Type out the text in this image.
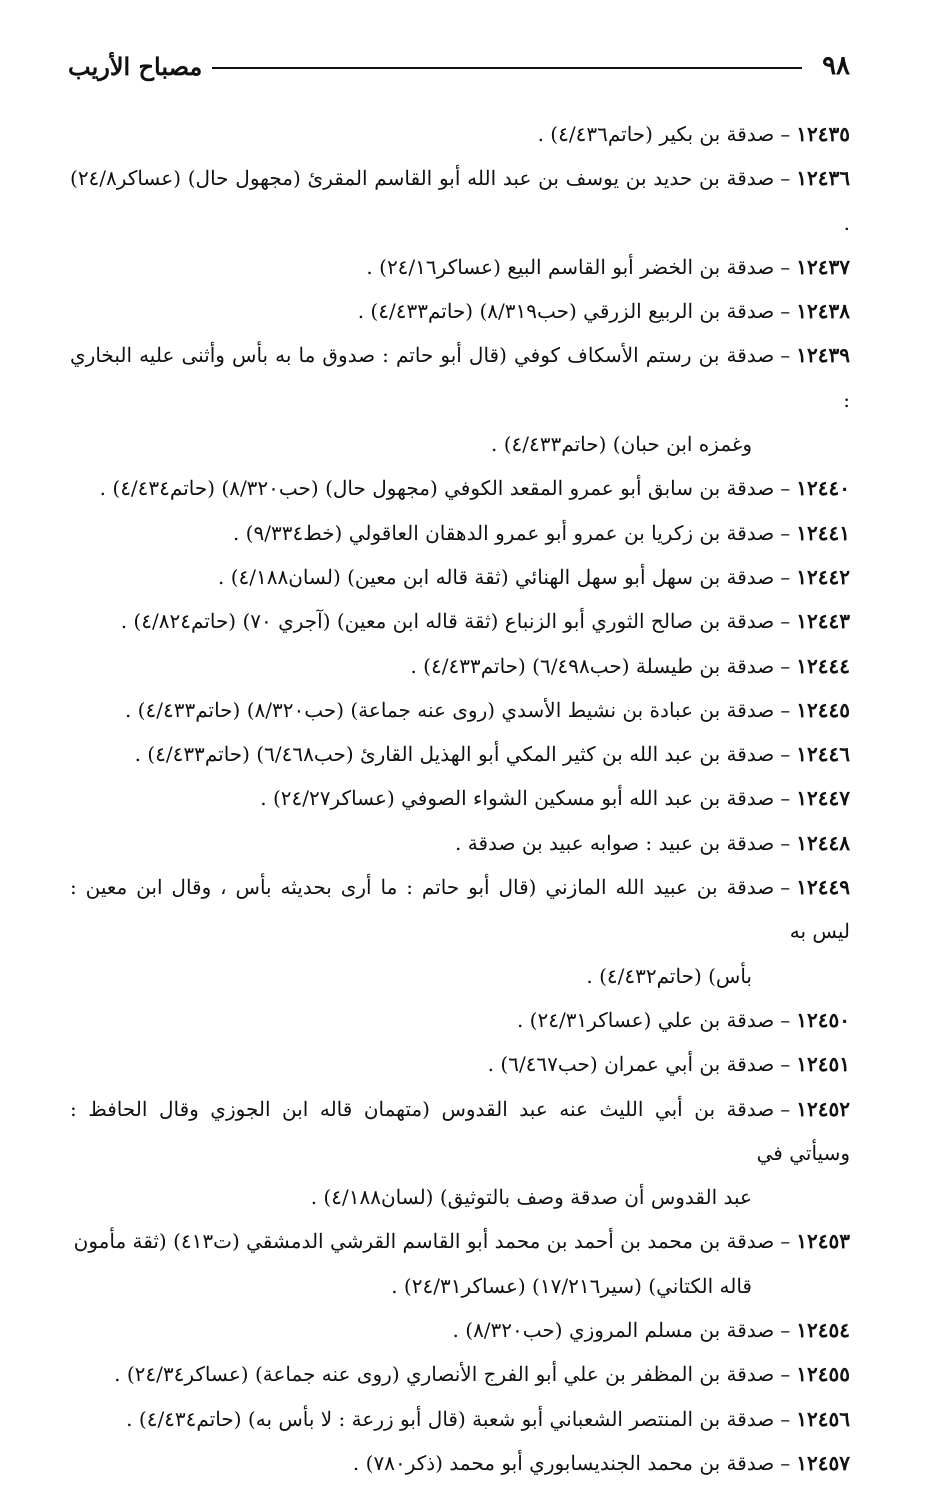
٩٨
مصباح الأريب
١٢٤٣٥–صدقة بن بكير (حاتم٤/٤٣٦) .
١٢٤٣٦–صدقة بن حديد بن يوسف بن عبد الله أبو القاسم المقرئ (مجهول حال) (عساكر٢٤/٨) .
١٢٤٣٧–صدقة بن الخضر أبو القاسم البيع (عساكر٢٤/١٦) .
١٢٤٣٨–صدقة بن الربيع الزرقي (حب٨/٣١٩) (حاتم٤/٤٣٣) .
١٢٤٣٩–صدقة بن رستم الأسكاف كوفي (قال أبو حاتم : صدوق ما به بأس وأثنى عليه البخاري :
وغمزه ابن حبان) (حاتم٤/٤٣٣) .
١٢٤٤٠–صدقة بن سابق أبو عمرو المقعد الكوفي (مجهول حال) (حب٨/٣٢٠) (حاتم٤/٤٣٤) .
١٢٤٤١–صدقة بن زكريا بن عمرو أبو عمرو الدهقان العاقولي (خط٩/٣٣٤) .
١٢٤٤٢–صدقة بن سهل أبو سهل الهنائي (ثقة قاله ابن معين) (لسان٤/١٨٨) .
١٢٤٤٣–صدقة بن صالح الثوري أبو الزنباع (ثقة قاله ابن معين) (آجري ٧٠) (حاتم٤/٨٢٤) .
١٢٤٤٤–صدقة بن طيسلة (حب٦/٤٩٨) (حاتم٤/٤٣٣) .
١٢٤٤٥–صدقة بن عبادة بن نشيط الأسدي (روى عنه جماعة) (حب٨/٣٢٠) (حاتم٤/٤٣٣) .
١٢٤٤٦–صدقة بن عبد الله بن كثير المكي أبو الهذيل القارئ (حب٦/٤٦٨) (حاتم٤/٤٣٣) .
١٢٤٤٧–صدقة بن عبد الله أبو مسكين الشواء الصوفي (عساكر٢٤/٢٧) .
١٢٤٤٨–صدقة بن عبيد : صوابه عبيد بن صدقة .
١٢٤٤٩–صدقة بن عبيد الله المازني (قال أبو حاتم : ما أرى بحديثه بأس ، وقال ابن معين : ليس به
بأس) (حاتم٤/٤٣٢) .
١٢٤٥٠–صدقة بن علي (عساكر٢٤/٣١) .
١٢٤٥١–صدقة بن أبي عمران (حب٦/٤٦٧) .
١٢٤٥٢–صدقة بن أبي الليث عنه عبد القدوس (متهمان قاله ابن الجوزي وقال الحافظ : وسيأتي في
عبد القدوس أن صدقة وصف بالتوثيق) (لسان٤/١٨٨) .
١٢٤٥٣–صدقة بن محمد بن أحمد بن محمد أبو القاسم القرشي الدمشقي (ت٤١٣) (ثقة مأمون
قاله الكتاني) (سير١٧/٢١٦) (عساكر٢٤/٣١) .
١٢٤٥٤–صدقة بن مسلم المروزي (حب٨/٣٢٠) .
١٢٤٥٥–صدقة بن المظفر بن علي أبو الفرج الأنصاري (روى عنه جماعة) (عساكر٢٤/٣٤) .
١٢٤٥٦–صدقة بن المنتصر الشعباني أبو شعبة (قال أبو زرعة : لا بأس به) (حاتم٤/٤٣٤) .
١٢٤٥٧–صدقة بن محمد الجنديسابوري أبو محمد (ذكر٧٨٠) .
